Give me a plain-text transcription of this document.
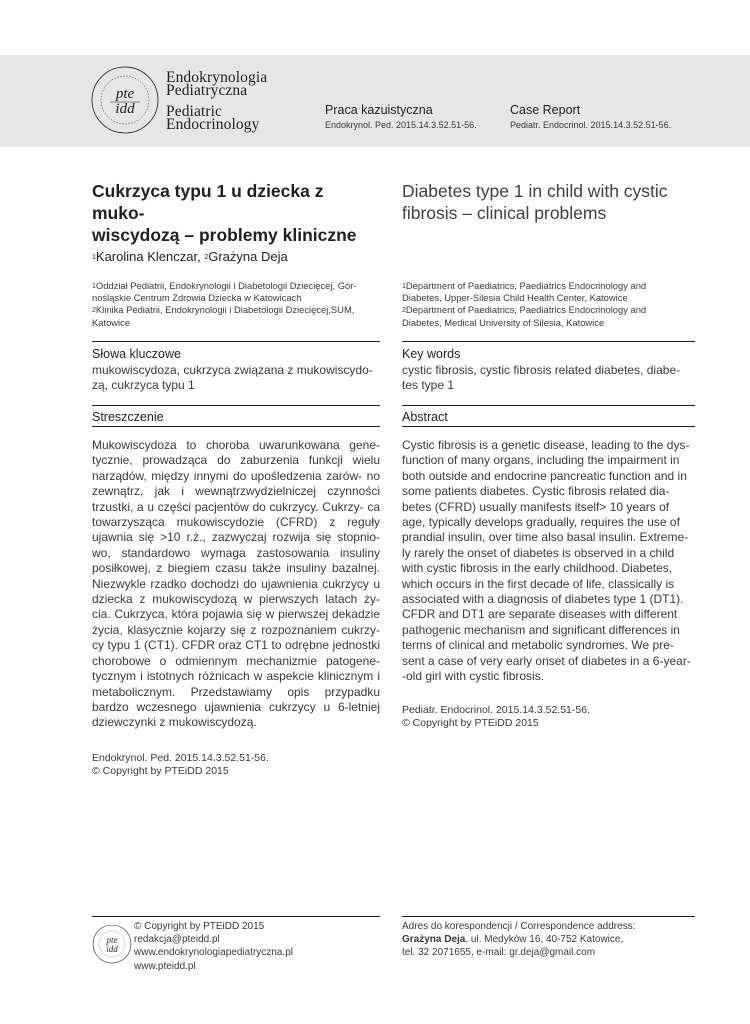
pte
idd
Endokrynologia
Pediatryczna
Pediatric
Endocrinology
Praca kazuistyczna
Endokrynol. Ped. 2015.14.3.52.51-56.
Case Report
Pediatr. Endocrinol. 2015.14.3.52.51-56.
Cukrzyca typu 1 u dziecka z muko-
wiscydozą – problemy kliniczne
Diabetes type 1 in child with cystic
fibrosis – clinical problems
$^1$Karolina Klenczar, $^2$Grażyna Deja

$^1$Oddział Pediatrii, Endokrynologii i Diabetologii Dziecięcej, Gór-

nośląskie Centrum Zdrowia Dziecka w Katowicach

$^2$Klinika Pediatrii, Endokrynologii i Diabetologii Dziecięcej,SUM,

Katowice

$^1$Department of Paediatrics, Paediatrics Endocrinology and

Diabetes, Upper-Silesia Child Health Center, Katowice

$^2$Department of Paediatrics, Paediatrics Endocrinology and

Diabetes, Medical University of Silesia, Katowice

Słowa kluczowe
mukowiscydoza, cukrzyca związana z mukowiscydo- zą, cukrzyca typu 1
Key words
cystic fibrosis, cystic fibrosis related diabetes, diabe- tes type 1
Streszczenie
Mukowiscydoza to choroba uwarunkowana gene- tycznie, prowadząca do zaburzenia funkcji wielu narządów, między innymi do upośledzenia zarów- no zewnątrz, jak i wewnątrzwydzielniczej czynności trzustki, a u części pacjentów do cukrzycy. Cukrzy- ca towarzysząca mukowiscydozie (CFRD) z reguły ujawnia się >10 r.ż., zazwyczaj rozwija się stopnio- wo, standardowo wymaga zastosowania insuliny posiłkowej, z biegiem czasu także insuliny bazalnej. Niezwykle rzadko dochodzi do ujawnienia cukrzycy u dziecka z mukowiscydozą w pierwszych latach ży- cia. Cukrzyca, która pojawia się w pierwszej dekadzie życia, klasycznie kojarzy się z rozpoznaniem cukrzy- cy typu 1 (CT1). CFDR oraz CT1 to odrębne jednostki chorobowe o odmiennym mechanizmie patogene- tycznym i istotnych różnicach w aspekcie klinicznym i metabolicznym. Przedstawiamy opis przypadku bardzo wczesnego ujawnienia cukrzycy u 6-letniej dziewczynki z mukowiscydozą.
Endokrynol. Ped. 2015.14.3.52.51-56.
© Copyright by PTEiDD 2015
Abstract
Cystic fibrosis is a genetic disease, leading to the dys- function of many organs, including the impairment in both outside and endocrine pancreatic function and in some patients diabetes. Cystic fibrosis related dia- betes (CFRD) usually manifests itself> 10 years of age, typically develops gradually, requires the use of prandial insulin, over time also basal insulin. Extreme- ly rarely the onset of diabetes is observed in a child with cystic fibrosis in the early childhood. Diabetes, which occurs in the first decade of life, classically is associated with a diagnosis of diabetes type 1 (DT1). CFDR and DT1 are separate diseases with different pathogenic mechanism and significant differences in terms of clinical and metabolic syndromes. We pre- sent a case of very early onset of diabetes in a 6-year- -old girl with cystic fibrosis.
Pediatr. Endocrinol. 2015.14.3.52.51-56.
© Copyright by PTEiDD 2015
pte
idd
© Copyright by PTEiDD 2015
redakcja@pteidd.pl
www.endokrynologiapediatryczna.pl
www.pteidd.pl
Adres do korespondencji / Correspondence address:
Grażyna Deja, ul. Medyków 16, 40-752 Katowice,
tel. 32 2071655, e-mail: gr.deja@gmail.com
